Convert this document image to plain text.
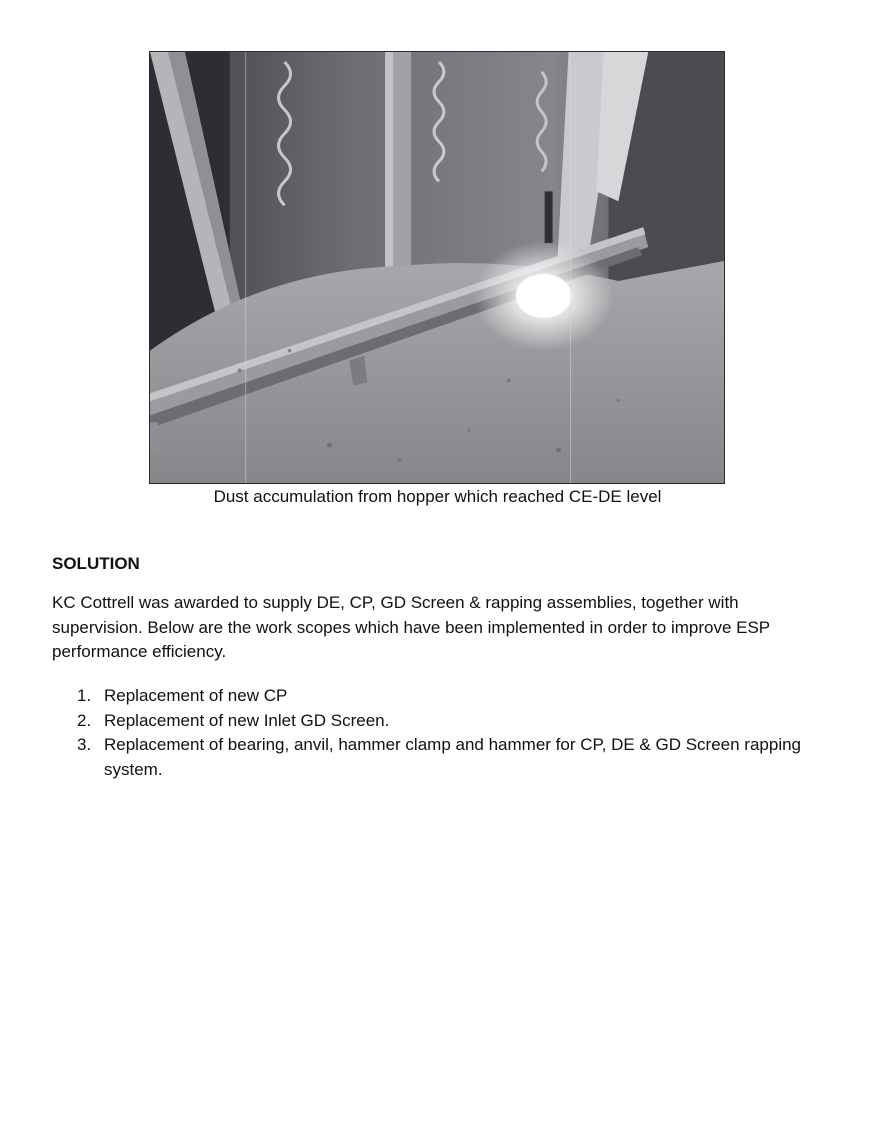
Dust accumulation from hopper which reached CE-DE level
SOLUTION
KC Cottrell was awarded to supply DE, CP, GD Screen & rapping assemblies, together with supervision. Below are the work scopes which have been implemented in order to improve ESP performance efficiency.
1. Replacement of new CP
2. Replacement of new Inlet GD Screen.
3. Replacement of bearing, anvil, hammer clamp and hammer for CP, DE & GD Screen rapping system.
